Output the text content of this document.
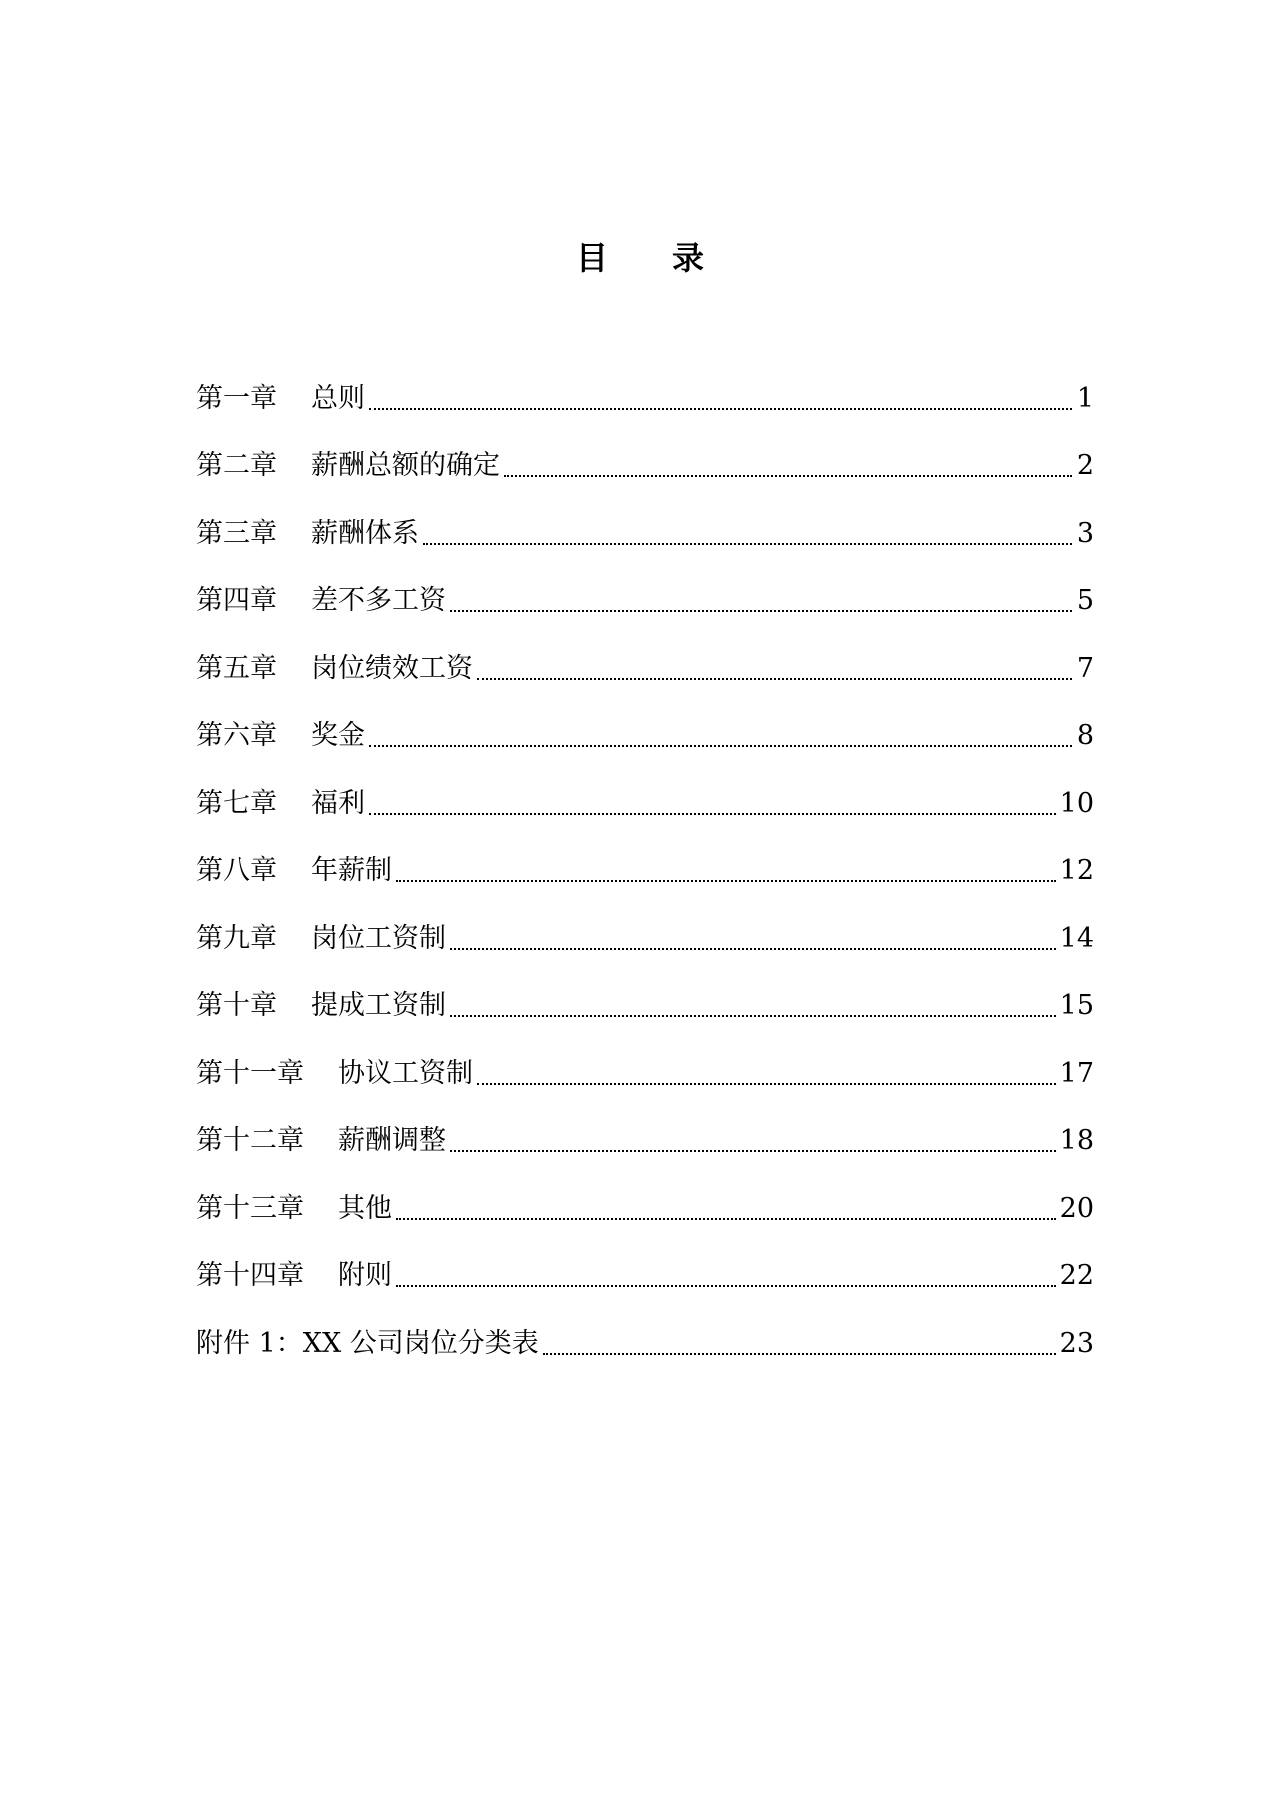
目 录
第一章 总则	1
第二章 薪酬总额的确定	2
第三章 薪酬体系	3
第四章 差不多工资	5
第五章 岗位绩效工资	7
第六章 奖金	8
第七章 福利	10
第八章 年薪制	12
第九章 岗位工资制	14
第十章 提成工资制	15
第十一章 协议工资制	17
第十二章 薪酬调整	18
第十三章 其他	20
第十四章 附则	22
附件 1：XX 公司岗位分类表	23
